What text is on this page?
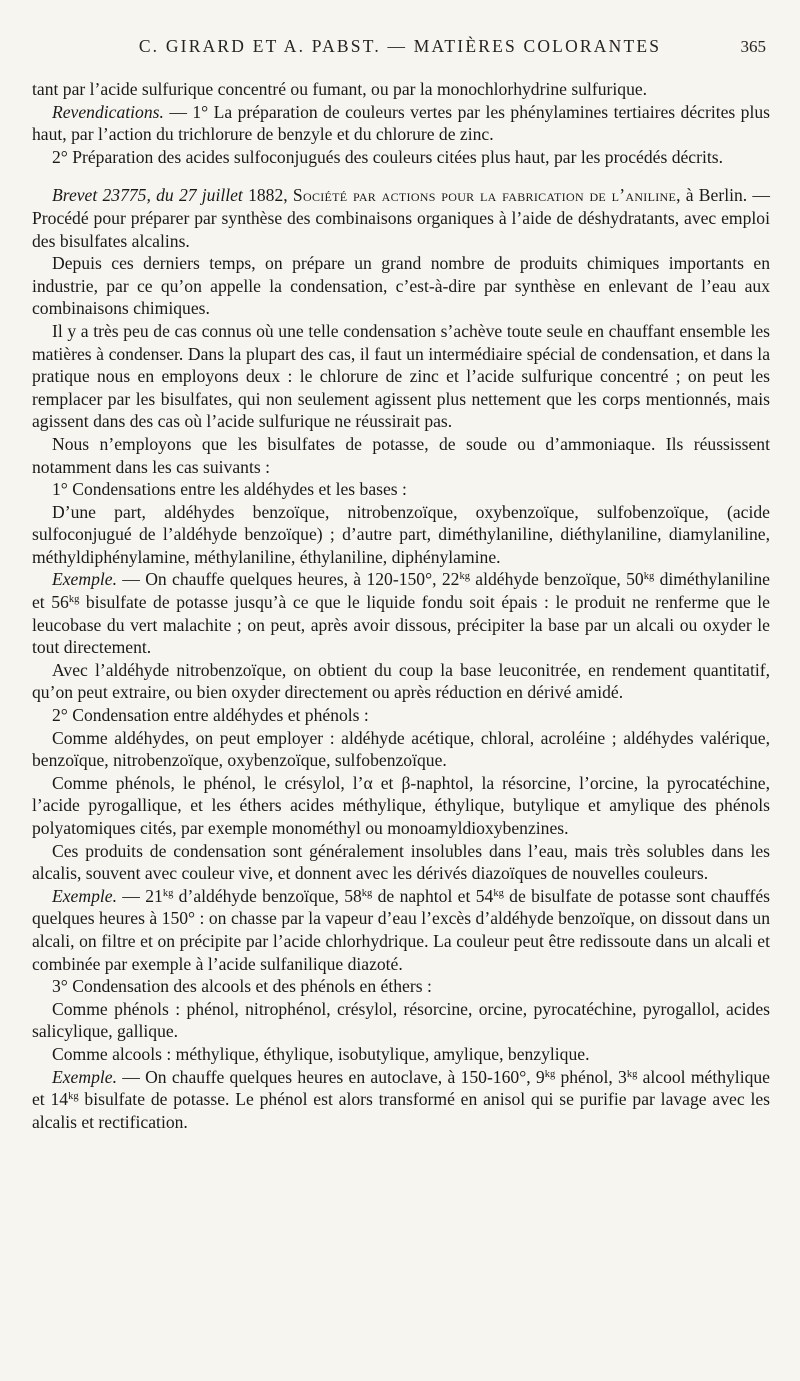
C. GIRARD ET A. PABST. — MATIÈRES COLORANTES	365

tant par l’acide sulfurique concentré ou fumant, ou par la monochlorhydrine sulfurique.

Revendications. — 1° La préparation de couleurs vertes par les phénylamines tertiaires décrites plus haut, par l’action du trichlorure de benzyle et du chlorure de zinc.

2° Préparation des acides sulfoconjugués des couleurs citées plus haut, par les procédés décrits.

Brevet 23775, du 27 juillet 1882, Société par actions pour la fabrication de l’aniline, à Berlin. — Procédé pour préparer par synthèse des combinaisons organiques à l’aide de déshydratants, avec emploi des bisulfates alcalins.

Depuis ces derniers temps, on prépare un grand nombre de produits chimiques importants en industrie, par ce qu’on appelle la condensation, c’est-à-dire par synthèse en enlevant de l’eau aux combinaisons chimiques.

Il y a très peu de cas connus où une telle condensation s’achève toute seule en chauffant ensemble les matières à condenser. Dans la plupart des cas, il faut un intermédiaire spécial de condensation, et dans la pratique nous en employons deux : le chlorure de zinc et l’acide sulfurique concentré ; on peut les remplacer par les bisulfates, qui non seulement agissent plus nettement que les corps mentionnés, mais agissent dans des cas où l’acide sulfurique ne réussirait pas.

Nous n’employons que les bisulfates de potasse, de soude ou d’ammoniaque. Ils réussissent notamment dans les cas suivants :

1° Condensations entre les aldéhydes et les bases :

D’une part, aldéhydes benzoïque, nitrobenzoïque, oxybenzoïque, sulfobenzoïque, (acide sulfoconjugué de l’aldéhyde benzoïque) ; d’autre part, diméthylaniline, diéthylaniline, diamylaniline, méthyldiphénylamine, méthylaniline, éthylaniline, diphénylamine.

Exemple. — On chauffe quelques heures, à 120-150°, $22^{kg}$ aldéhyde benzoïque, $50^{kg}$ diméthylaniline et $56^{kg}$ bisulfate de potasse jusqu’à ce que le liquide fondu soit épais : le produit ne renferme que le leucobase du vert malachite ; on peut, après avoir dissous, précipiter la base par un alcali ou oxyder le tout directement.

Avec l’aldéhyde nitrobenzoïque, on obtient du coup la base leuconitrée, en rendement quantitatif, qu’on peut extraire, ou bien oxyder directement ou après réduction en dérivé amidé.

2° Condensation entre aldéhydes et phénols :

Comme aldéhydes, on peut employer : aldéhyde acétique, chloral, acroléine ; aldéhydes valérique, benzoïque, nitrobenzoïque, oxybenzoïque, sulfobenzoïque.

Comme phénols, le phénol, le crésylol, l’α et β-naphtol, la résorcine, l’orcine, la pyrocatéchine, l’acide pyrogallique, et les éthers acides méthylique, éthylique, butylique et amylique des phénols polyatomiques cités, par exemple monométhyl ou monoamyldioxybenzines.

Ces produits de condensation sont généralement insolubles dans l’eau, mais très solubles dans les alcalis, souvent avec couleur vive, et donnent avec les dérivés diazoïques de nouvelles couleurs.

Exemple. — $21^{kg}$ d’aldéhyde benzoïque, $58^{kg}$ de naphtol et $54^{kg}$ de bisulfate de potasse sont chauffés quelques heures à 150° : on chasse par la vapeur d’eau l’excès d’aldéhyde benzoïque, on dissout dans un alcali, on filtre et on précipite par l’acide chlorhydrique. La couleur peut être redissoute dans un alcali et combinée par exemple à l’acide sulfanilique diazoté.

3° Condensation des alcools et des phénols en éthers :

Comme phénols : phénol, nitrophénol, crésylol, résorcine, orcine, pyrocatéchine, pyrogallol, acides salicylique, gallique.

Comme alcools : méthylique, éthylique, isobutylique, amylique, benzylique.

Exemple. — On chauffe quelques heures en autoclave, à 150-160°, $9^{kg}$ phénol, $3^{kg}$ alcool méthylique et $14^{kg}$ bisulfate de potasse. Le phénol est alors transformé en anisol qui se purifie par lavage avec les alcalis et rectification.
